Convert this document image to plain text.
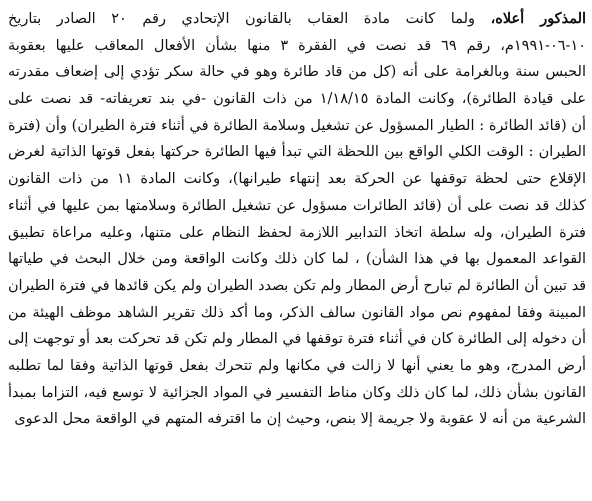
المذكور أعلاه، ولما كانت مادة العقاب بالقانون الإتحادي رقم ٢٠ الصادر بتاريخ
١٠-٠٦-١٩٩١م، رقم ٦٩ قد نصت في الفقرة ٣ منها بشأن الأفعال المعاقب عليها بعقوبة
الحبس سنة وبالغرامة على أنه (كل من قاد طائرة وهو في حالة سكر تؤدي إلى إضعاف مقدرته
على قيادة الطائرة)، وكانت المادة ١/١٨/١٥ من ذات القانون -في بند تعريفاته- قد نصت على
أن (قائد الطائرة : الطيار المسؤول عن تشغيل وسلامة الطائرة في أثناء فترة الطيران) وأن (فترة
الطيران : الوقت الكلي الواقع بين اللحظة التي تبدأ فيها الطائرة حركتها بفعل قوتها الذاتية لغرض
الإقلاع حتى لحظة توقفها عن الحركة بعد إنتهاء طيرانها)، وكانت المادة ١١ من ذات القانون
كذلك قد نصت على أن (قائد الطائرات مسؤول عن تشغيل الطائرة وسلامتها بمن عليها في أثناء
فترة الطيران، وله سلطة اتخاذ التدابير اللازمة لحفظ النظام على متنها، وعليه مراعاة تطبيق
القواعد المعمول بها في هذا الشأن) ، لما كان ذلك وكانت الواقعة ومن خلال البحث في طياتها
قد تبين أن الطائرة لم تبارح أرض المطار ولم تكن بصدد الطيران ولم يكن قائدها في فترة الطيران
المبينة وفقا لمفهوم نص مواد القانون سالف الذكر، وما أكد ذلك تقرير الشاهد موظف الهيئة من
أن دخوله إلى الطائرة كان في أثناء فترة توقفها في المطار ولم تكن قد تحركت بعد أو توجهت إلى
أرض المدرج، وهو ما يعني أنها لا زالت في مكانها ولم تتحرك بفعل قوتها الذاتية وفقا لما تطلبه
القانون بشأن ذلك، لما كان ذلك وكان مناط التفسير في المواد الجزائية لا توسع فيه، التزاما بمبدأ
الشرعية من أنه لا عقوبة ولا جريمة إلا بنص، وحيث إن ما اقترفه المتهم في الواقعة محل الدعوى
